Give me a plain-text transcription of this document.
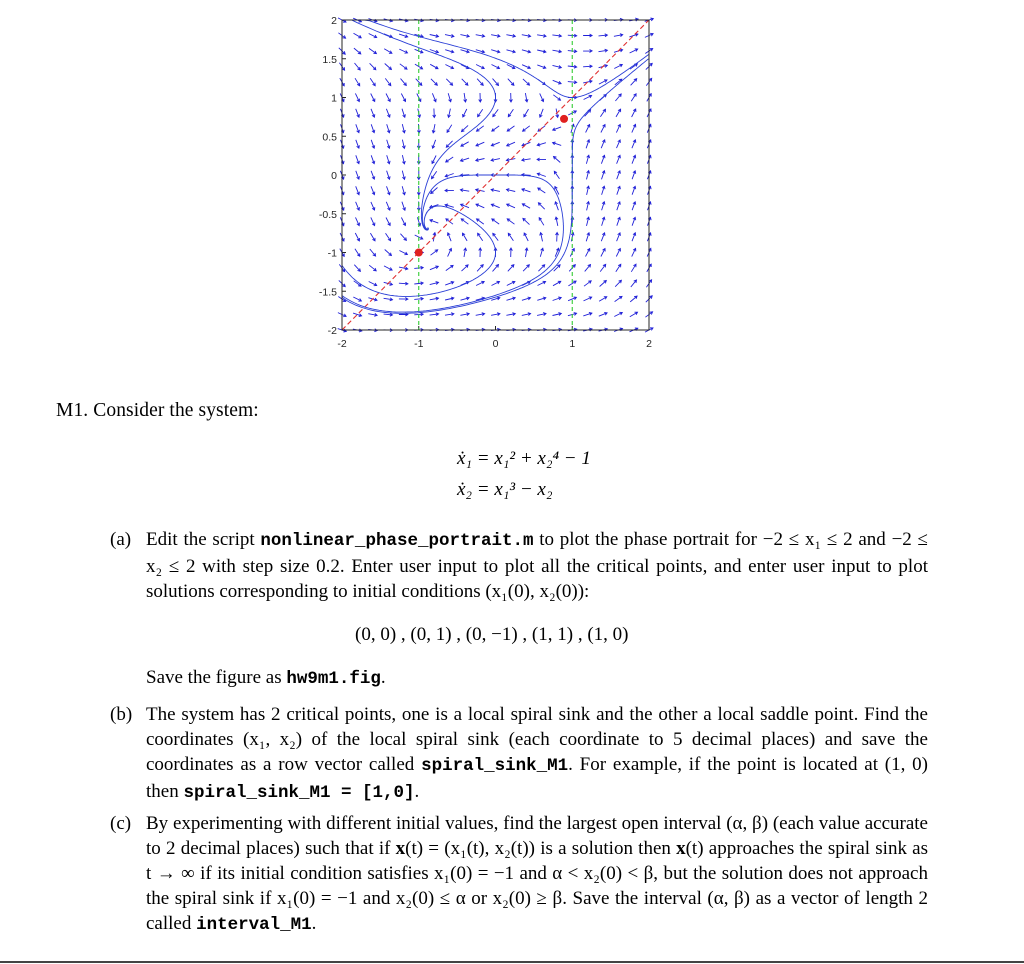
2
1.5
1
0.5
0
-0.5
-1
-1.5
-2
-2	-1	0	1	2
M1. Consider the system:
ẋ₁ = x₁² + x₂⁴ − 1
ẋ₂ = x₁³ − x₂
(a) Edit the script nonlinear_phase_portrait.m to plot the phase portrait for −2 ≤ x₁ ≤ 2 and −2 ≤ x₂ ≤ 2 with step size 0.2. Enter user input to plot all the critical points, and enter user input to plot solutions corresponding to initial conditions (x₁(0), x₂(0)):
(0, 0) , (0, 1) , (0, −1) , (1, 1) , (1, 0)
Save the figure as hw9m1.fig.
(b) The system has 2 critical points, one is a local spiral sink and the other a local saddle point. Find the coordinates (x₁, x₂) of the local spiral sink (each coordinate to 5 decimal places) and save the coordinates as a row vector called spiral_sink_M1. For example, if the point is located at (1, 0) then spiral_sink_M1 = [1,0].
(c) By experimenting with different initial values, find the largest open interval (α, β) (each value accurate to 2 decimal places) such that if x(t) = (x₁(t), x₂(t)) is a solution then x(t) approaches the spiral sink as t → ∞ if its initial condition satisfies x₁(0) = −1 and α < x₂(0) < β, but the solution does not approach the spiral sink if x₁(0) = −1 and x₂(0) ≤ α or x₂(0) ≥ β. Save the interval (α, β) as a vector of length 2 called interval_M1.
